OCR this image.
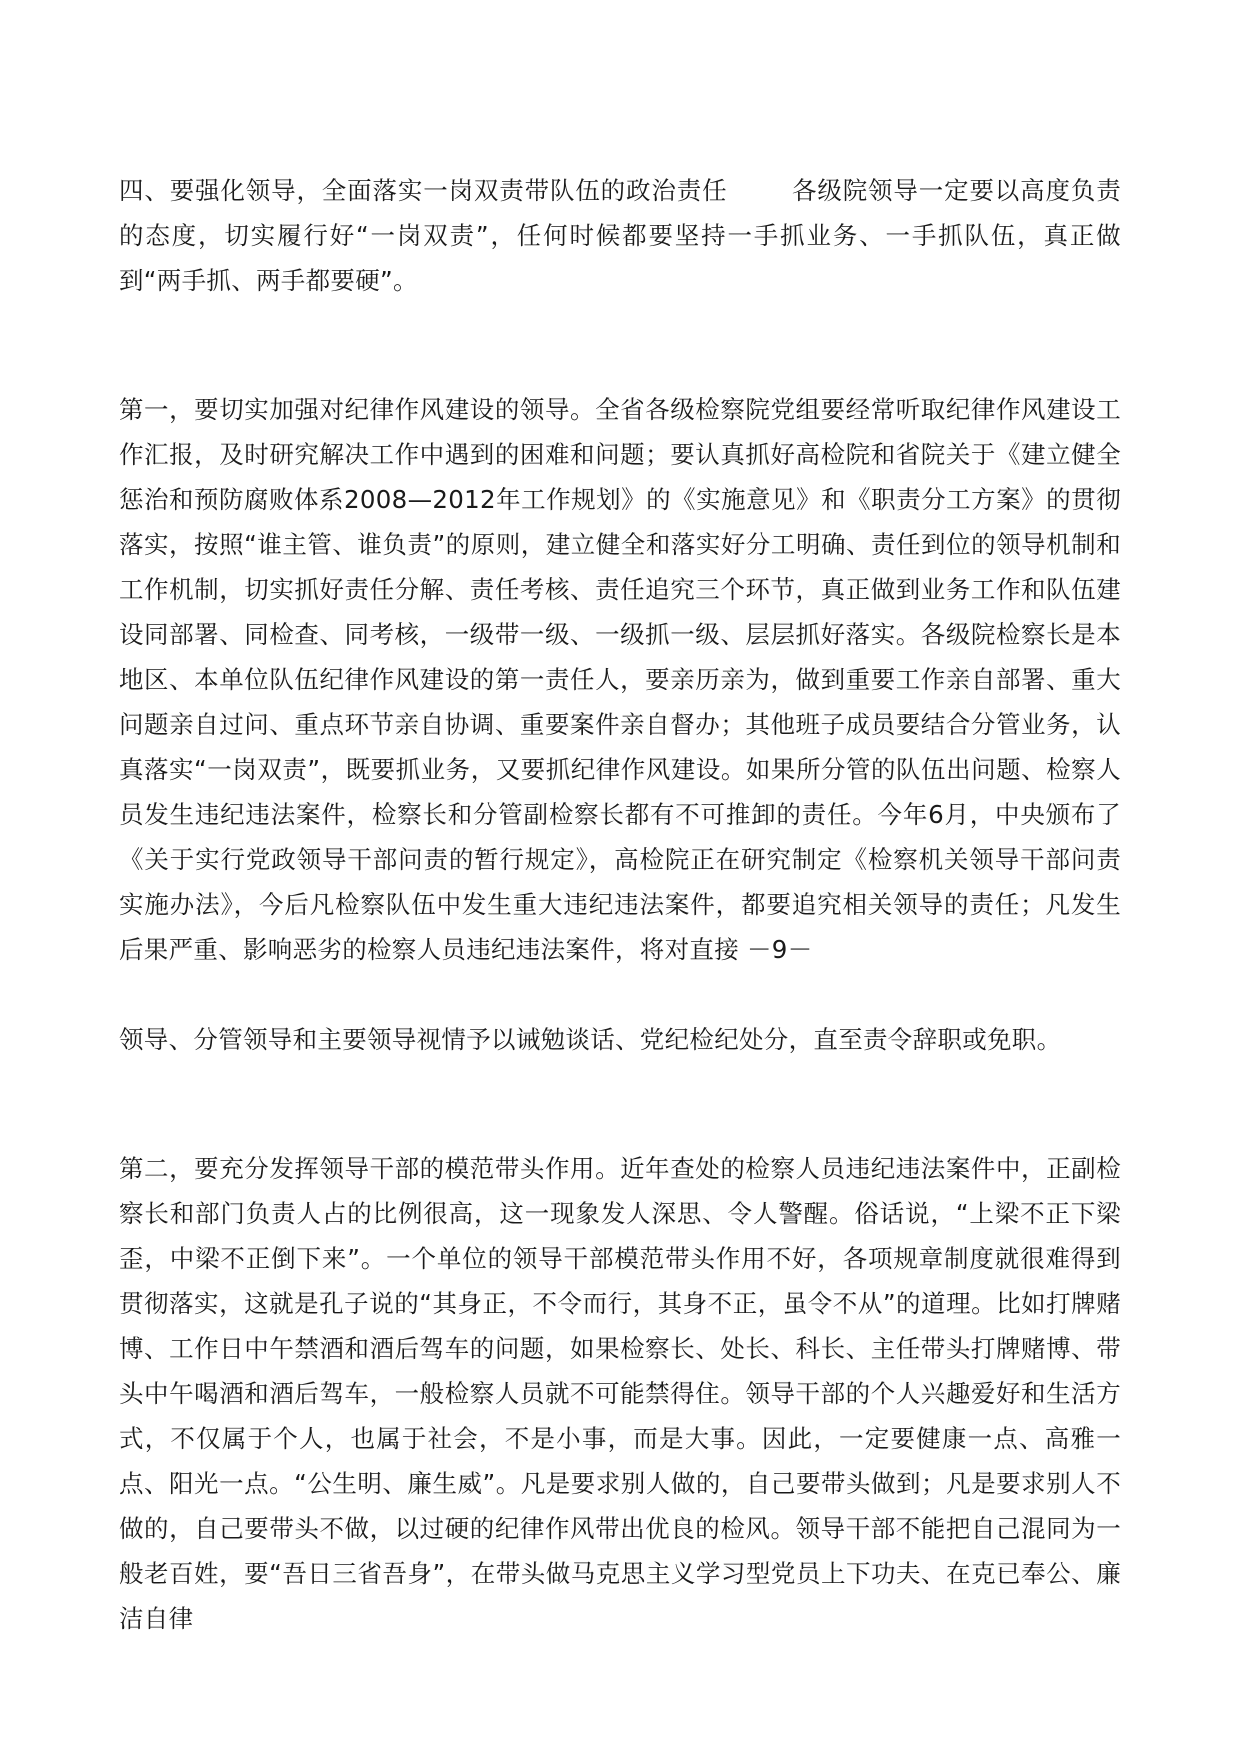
四、要强化领导，全面落实一岗双责带队伍的政治责任	各级院领导一定要以高度负责的态度，切实履行好“一岗双责”，任何时候都要坚持一手抓业务、一手抓队伍，真正做到“两手抓、两手都要硬”。

第一，要切实加强对纪律作风建设的领导。全省各级检察院党组要经常听取纪律作风建设工作汇报，及时研究解决工作中遇到的困难和问题；要认真抓好高检院和省院关于《建立健全惩治和预防腐败体系2008—2012年工作规划》的《实施意见》和《职责分工方案》的贯彻落实，按照“谁主管、谁负责”的原则，建立健全和落实好分工明确、责任到位的领导机制和工作机制，切实抓好责任分解、责任考核、责任追究三个环节，真正做到业务工作和队伍建设同部署、同检查、同考核，一级带一级、一级抓一级、层层抓好落实。各级院检察长是本地区、本单位队伍纪律作风建设的第一责任人，要亲历亲为，做到重要工作亲自部署、重大问题亲自过问、重点环节亲自协调、重要案件亲自督办；其他班子成员要结合分管业务，认真落实“一岗双责”，既要抓业务，又要抓纪律作风建设。如果所分管的队伍出问题、检察人员发生违纪违法案件，检察长和分管副检察长都有不可推卸的责任。今年6月，中央颁布了《关于实行党政领导干部问责的暂行规定》，高检院正在研究制定《检察机关领导干部问责实施办法》，今后凡检察队伍中发生重大违纪违法案件，都要追究相关领导的责任；凡发生后果严重、影响恶劣的检察人员违纪违法案件，将对直接 －9－

领导、分管领导和主要领导视情予以诫勉谈话、党纪检纪处分，直至责令辞职或免职。

第二，要充分发挥领导干部的模范带头作用。近年查处的检察人员违纪违法案件中，正副检察长和部门负责人占的比例很高，这一现象发人深思、令人警醒。俗话说，“上梁不正下梁歪，中梁不正倒下来”。一个单位的领导干部模范带头作用不好，各项规章制度就很难得到贯彻落实，这就是孔子说的“其身正，不令而行，其身不正，虽令不从”的道理。比如打牌赌博、工作日中午禁酒和酒后驾车的问题，如果检察长、处长、科长、主任带头打牌赌博、带头中午喝酒和酒后驾车，一般检察人员就不可能禁得住。领导干部的个人兴趣爱好和生活方式，不仅属于个人，也属于社会，不是小事，而是大事。因此，一定要健康一点、高雅一点、阳光一点。“公生明、廉生威”。凡是要求别人做的，自己要带头做到；凡是要求别人不做的，自己要带头不做，以过硬的纪律作风带出优良的检风。领导干部不能把自己混同为一般老百姓，要“吾日三省吾身”，在带头做马克思主义学习型党员上下功夫、在克已奉公、廉洁自律
